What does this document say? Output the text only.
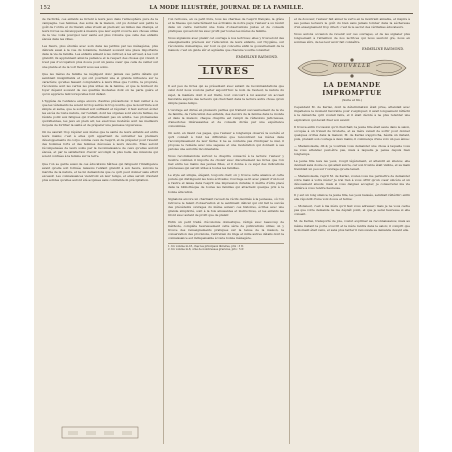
152	LA MODE ILLUSTRÉE, JOURNAL DE LA FAMILLE.

de l'activité, ces enfants se livrent à leurs jeux dans l'atmosphère pure de la campagne. Les femmes, des soins de la maison, ont pu donner aux petits le goût de l'ordre et du travail; elles vivent en plein air, au milieu des champs, et leurs forces se développent à mesure que leur esprit s'ouvre aux choses utiles de la vie; voilà pourquoi leur santé est plus robuste que celle des enfants élevés dans les villes.

Les fleurs, plus étudiés avec soin dans les jardins par les ménagères, plus délicats aussi à la vue du botaniste, tiennent souvent une place importante dans la vie de famille. Les enfants aiment à les cultiver, à les arroser, à les voir grandir; ils apprennent ainsi la patience et le respect des choses qui vivent; il n'est pas d'occupation plus douce pour un jeune cœur que celle de veiller sur une plante et de la voir fleurir sous ses soins.

Que les mères de famille ne négligent donc jamais ces petits détails qui semblent insignifiants et qui ont pourtant une si grande influence sur le caractère; qu'elles fassent comprendre à leurs filles que l'ordre, la propreté, l'économie sont les vertus les plus utiles de la femme, et que le bonheur du foyer dépend souvent de ces qualités modestes dont on ne parle guère et qu'on apprécie tant lorsqu'elles font défaut.

L'hygiène de l'enfance exige encore d'autres précautions: il faut veiller à ce que les vêtements ne soient ni trop serrés ni trop lourds, que la nourriture soit simple et saine, que le sommeil soit suffisant et régulier; il faut surtout éviter les excès de toute nature, car l'enfant, dont les organes sont encore faibles, ne résiste point aux fatigues qui n'atteindraient pas un adulte. Les promenades quotidiennes, les jeux en plein air, les exercices modérés sont les meilleurs moyens de fortifier la santé et de préparer une jeunesse vigoureuse.

On ne saurait trop répéter aux mères que la santé de leurs enfants est entre leurs mains; c'est à elles qu'il appartient de surveiller les premiers développements du corps comme ceux de l'esprit, et de préparer pour l'avenir des hommes forts et des femmes dévouées à leurs devoirs. Elles seront récompensées de leurs soins par la reconnaissance de ceux qu'elles auront élevés, et par la satisfaction d'avoir accompli la plus belle des missions qui soient confiées à la femme sur la terre.

Que l'on se garde aussi de ces éducations hâtives qui fatiguent l'intelligence avant qu'elle soit formée; laissons l'enfant grandir à son heure, suivons la marche de la nature, et ne lui demandons que ce qu'il peut donner sans effort excessif. Les connaissances viendront en leur temps, et elles seront d'autant plus solides qu'elles auront été acquises sans contrainte ni précipitation.

l'on retrouve, en ce petit livre, tous les charmes de l'esprit français, la grâce et la finesse qui caractérisent les écrivains de notre pays; l'auteur a su réunir dans un cadre restreint une foule d'observations justes et de conseils pratiques qui seront lus avec profit par toutes les mères de famille.

Nous signalons avec plaisir cet ouvrage à nos lectrices; elles y trouveront des enseignements précieux sur l'éducation de leurs enfants, sur l'hygiène, sur l'économie domestique, sur tout ce qui concerne enfin le gouvernement de la maison; c'est un guide sûr et agréable que chacune voudra consulter.

EMMELINE RAYMOND.
LIVRES

Il est peu de livres qui se présentent avec autant de recommandations que celui dont nous voulons parler aujourd'hui: le nom de l'auteur, la nature du sujet, la manière dont il est traité, tout concourt à lui assurer un accueil favorable auprès des lecteurs qui cherchent dans la lecture autre chose qu'un simple passe-temps.

L'ouvrage est divisé en plusieurs parties qui traitent successivement de la vie de famille, de l'éducation des enfants, des devoirs de la femme dans le monde et dans la maison; chaque chapitre est rempli de réflexions judicieuses, d'anecdotes intéressantes et de conseils dictés par une expérience consommée.

On sent, en lisant ces pages, que l'auteur a longtemps observé la société et qu'il connaît à fond les difficultés que rencontrent les mères dans l'accomplissement de leur tâche; il ne se contente pas d'indiquer le mal, il propose le remède avec une sagesse et une modération qui donnent à ses paroles une autorité incontestable.

Nous recommandons surtout le chapitre consacré à la lecture: l'auteur y montre combien il importe de choisir avec discernement les livres que l'on met entre les mains des jeunes filles, et il donne à ce sujet des indications précieuses qui seront utiles à toutes les familles.

Le style est simple, élégant, toujours clair; on y trouve cette aisance et cette pureté qui distinguent les bons écrivains; l'ouvrage se lit avec plaisir d'un bout à l'autre et laisse dans l'esprit une impression durable; il mérite d'être placé dans la bibliothèque de toutes les familles qui attachent quelque prix à la bonne éducation.

Signalons encore un charmant recueil de récits destinés à la jeunesse, où l'on retrouve le talent d'observation et le sentiment délicat qui ont fait le succès des précédents ouvrages du même auteur; ces histoires, écrites avec une grande simplicité, sont à la fois amusantes et instructives, et les enfants les liront avec autant de profit que de plaisir.

Enfin un petit traité d'économie domestique, rédigé avec beaucoup de méthode, complète heureusement cette série de publications utiles; on y trouve des renseignements pratiques sur la tenue de la maison, la conservation des provisions, l'entretien du linge et mille autres détails dont la connaissance est indispensable à toute bonne ménagère.

1. Un volume in-18, chez les principaux libraires, prix : 3 fr.
2. Un volume in-8, orné de nombreuses gravures, prix : 5 fr.

et de douceur, l'auteur fait aimer la vertu en la montrant aimable, et inspire à ses jeunes lecteurs le goût du bien sans jamais tomber dans la sécheresse d'un enseignement trop direct; c'est là le secret des véritables éducateurs.

Nous aurons occasion de revenir sur ces ouvrages, et de les signaler plus longuement à l'attention de nos lectrices qui nous sauront gré, nous en sommes sûrs, de les leur avoir fait connaître.

EMMELINE RAYMOND.
NOUVELLE
LA DEMANDE IMPROMPTUE
(Suite et fin.)

Cependant M. de Kerlaz, dont la détermination était prise, attendait avec impatience le moment favorable pour s'expliquer; il avait longuement réfléchi à la démarche qu'il voulait faire, et il était décidé à ne plus retarder une explication qui devait fixer son avenir.

Il trouva enfin l'occasion qu'il cherchait; la jeune fille était seule dans le salon, occupée à un travail de broderie, et sa mère venait de sortir pour donner quelques ordres dans la maison; M. de Kerlaz s'approcha, hésita un instant, puis, prenant son courage à deux mains, il commença d'une voix un peu émue:

— Mademoiselle, dit-il, je voudrais vous demander une chose à laquelle vous ne vous attendez peut-être pas, mais à laquelle je pense depuis bien longtemps.

La jeune fille leva les yeux, rougit légèrement, et attendit en silence; elle devinait sans doute ce qui allait suivre, car son trouble était visible, et sa main tremblait un peu sur l'ouvrage qu'elle tenait.

— Mademoiselle, reprit M. de Kerlaz, voulez-vous me permettre de demander votre main à votre mère? Je n'ai rien à vous offrir qu'un cœur sincère et un dévouement absolu; mais si vous daignez accepter, je consacrerai ma vie entière à vous rendre heureuse.

Il y eut un long silence; la jeune fille, les yeux baissés, semblait réfléchir; enfin elle répondit d'une voix douce et ferme:

— Monsieur, c'est à ma mère qu'il faut vous adresser; mais je ne vous cache pas que votre demande ne me déplaît point, et que je serai heureuse si elle consent.

M. de Kerlaz, transporté de joie, voulut exprimer sa reconnaissance; mais au même instant la porte s'ouvrit et la mère rentra dans le salon; il comprit que le moment était venu, et sans plus tarder il renouvela sa demande devant elle.
